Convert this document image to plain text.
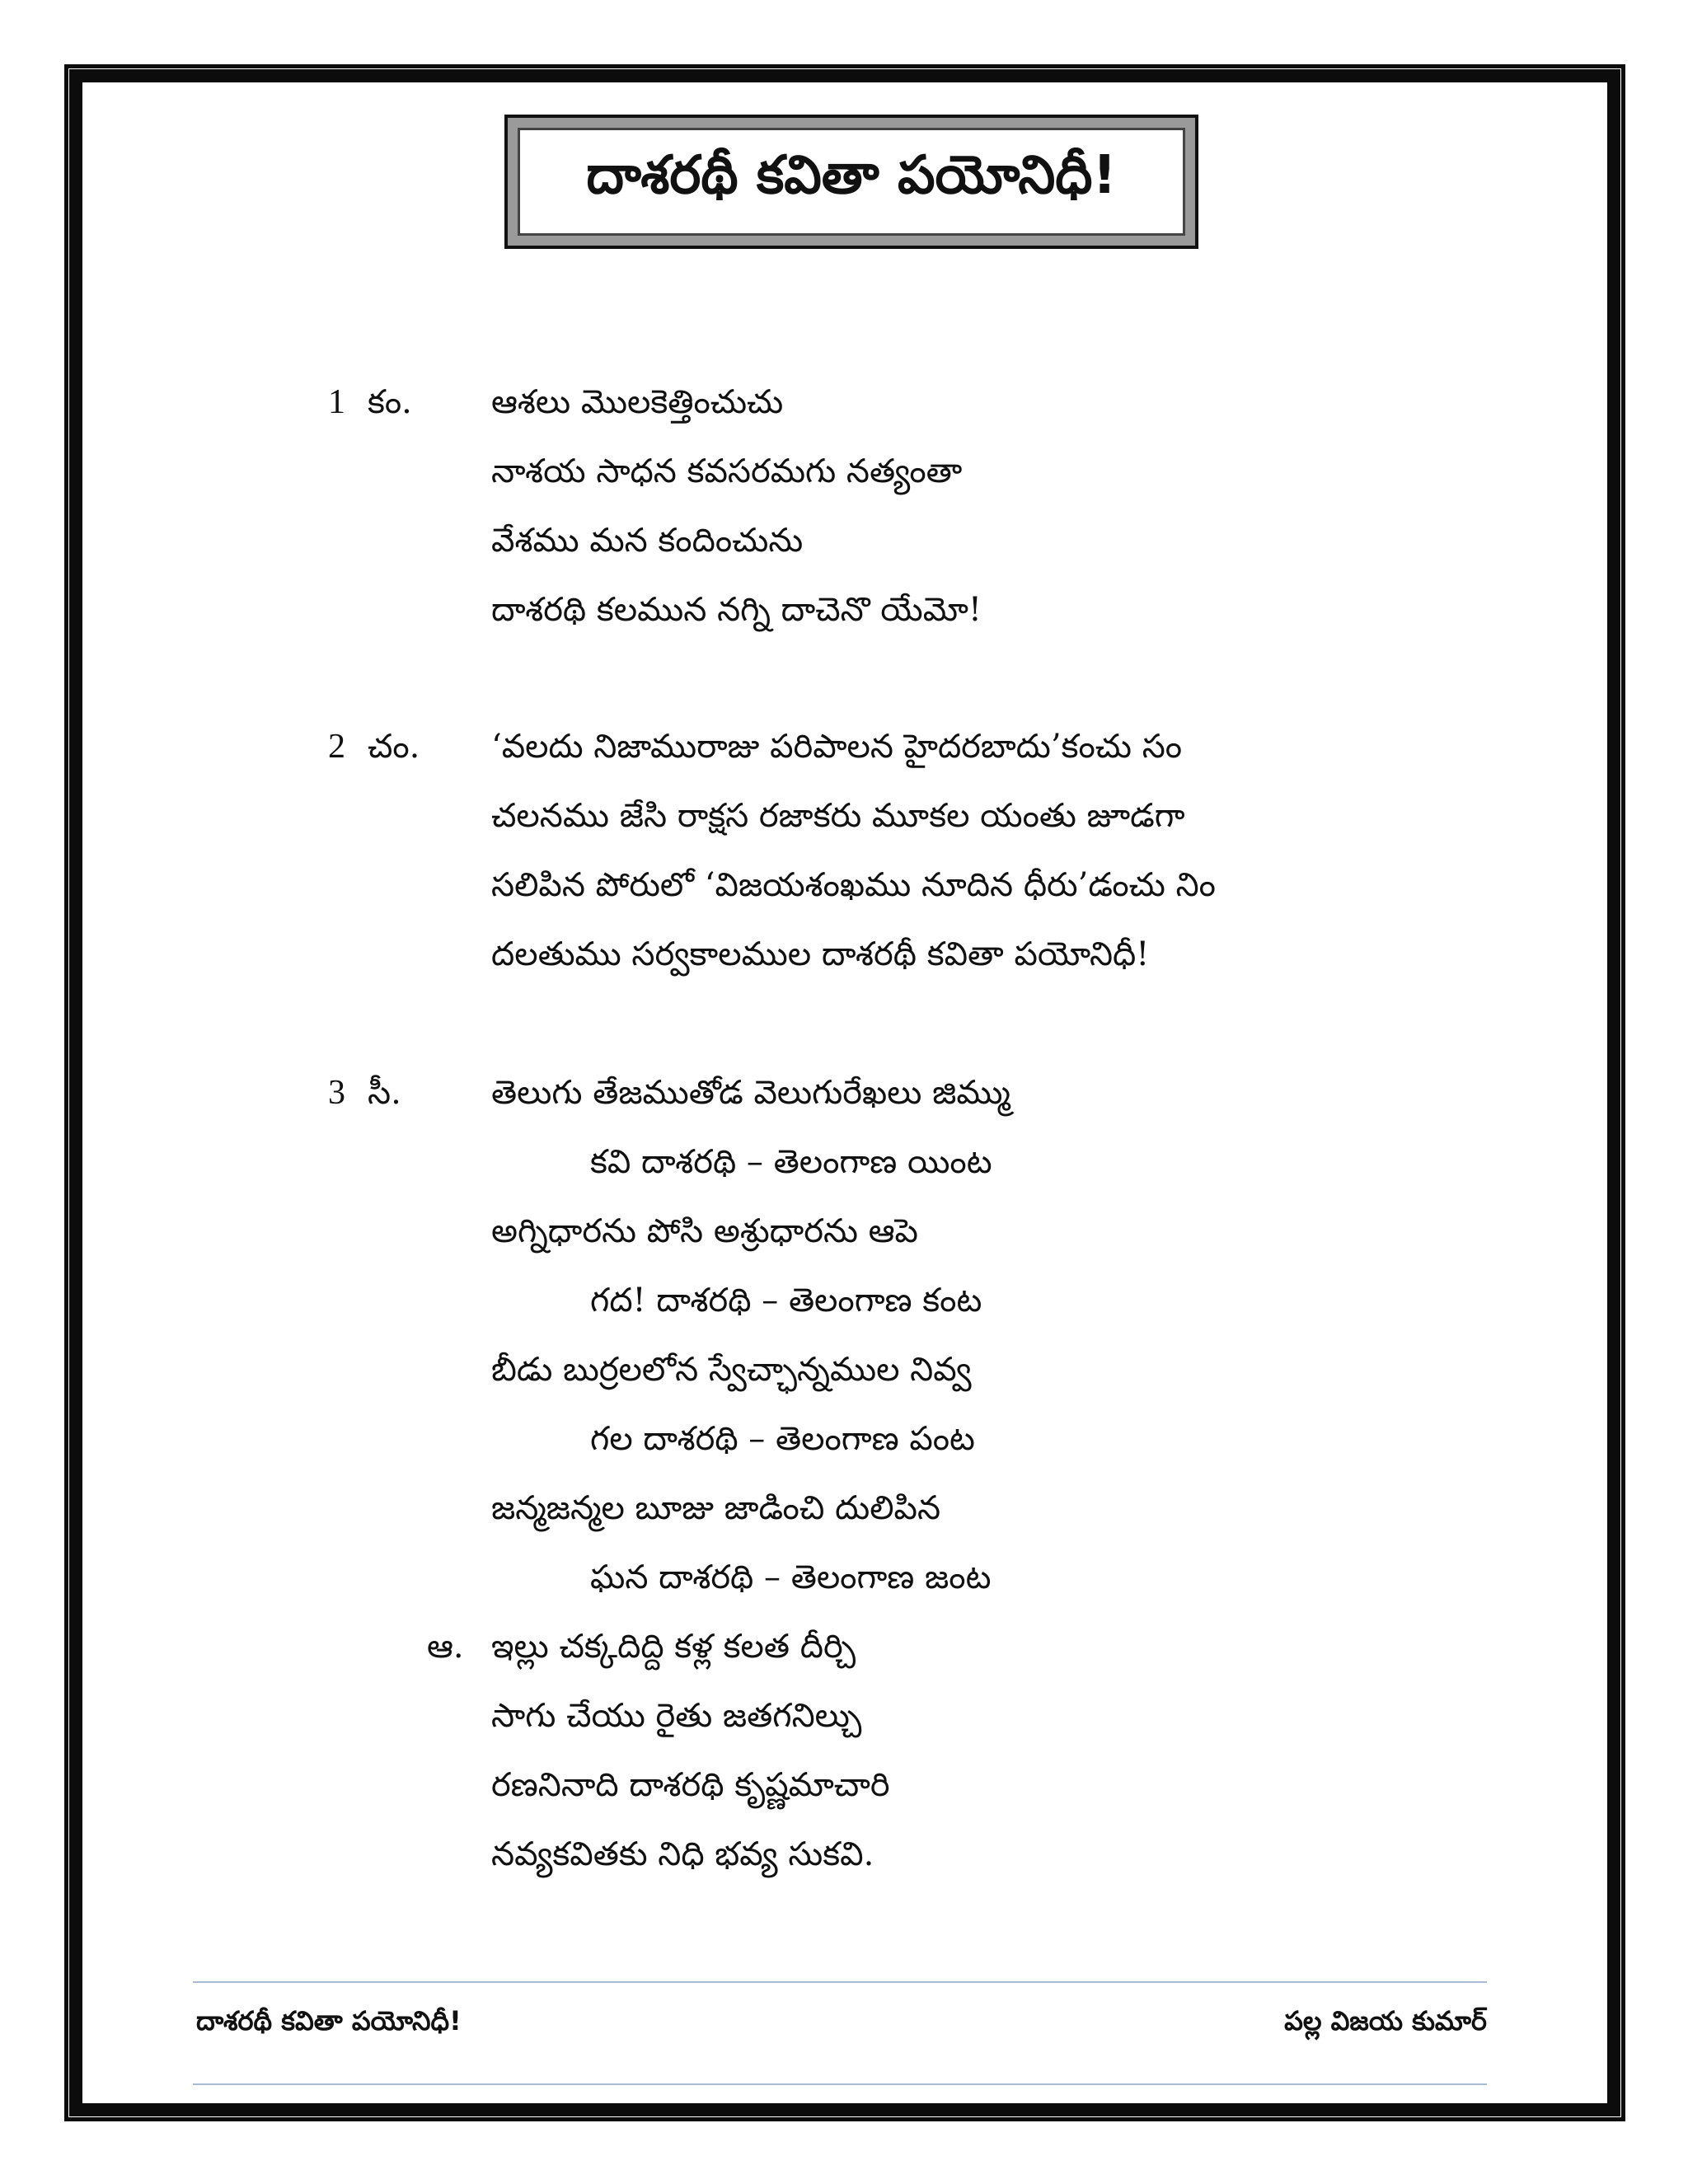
దాశరథీ కవితా పయోనిధీ!
1 కం. ఆశలు మొలకెత్తించుచు
నాశయ సాధన కవసరమగు నత్యంతా
వేశము మన కందించును
దాశరథి కలమున నగ్ని దాచెనొ యేమో!
2 చం. ‘వలదు నిజామురాజు పరిపాలన హైదరబాదు’కంచు సం
చలనము జేసి రాక్షస రజాకరు మూకల యంతు జూడగా
సలిపిన పోరులో ‘విజయశంఖము నూదిన ధీరు’డంచు నిం
దలతుము సర్వకాలముల దాశరథీ కవితా పయోనిధీ!
3 సీ.	తెలుగు తేజముతోడ వెలుగురేఖలు జిమ్ము
కవి దాశరథి – తెలంగాణ యింట
అగ్నిధారను పోసి అశ్రుధారను ఆపె
గద! దాశరథి – తెలంగాణ కంట
బీడు బుర్రలలోన స్వేచ్ఛాన్నముల నివ్వ
గల దాశరథి – తెలంగాణ పంట
జన్మజన్మల బూజు జాడించి దులిపిన
ఘన దాశరథి – తెలంగాణ జంట
ఆ. ఇల్లు చక్కదిద్ది కళ్ల కలత దీర్చి
సాగు చేయు రైతు జతగనిల్చు
రణనినాది దాశరథి కృష్ణమాచారి
నవ్యకవితకు నిధి భవ్య సుకవి.
దాశరథీ కవితా పయోనిధీ!	పల్ల విజయ కుమార్
